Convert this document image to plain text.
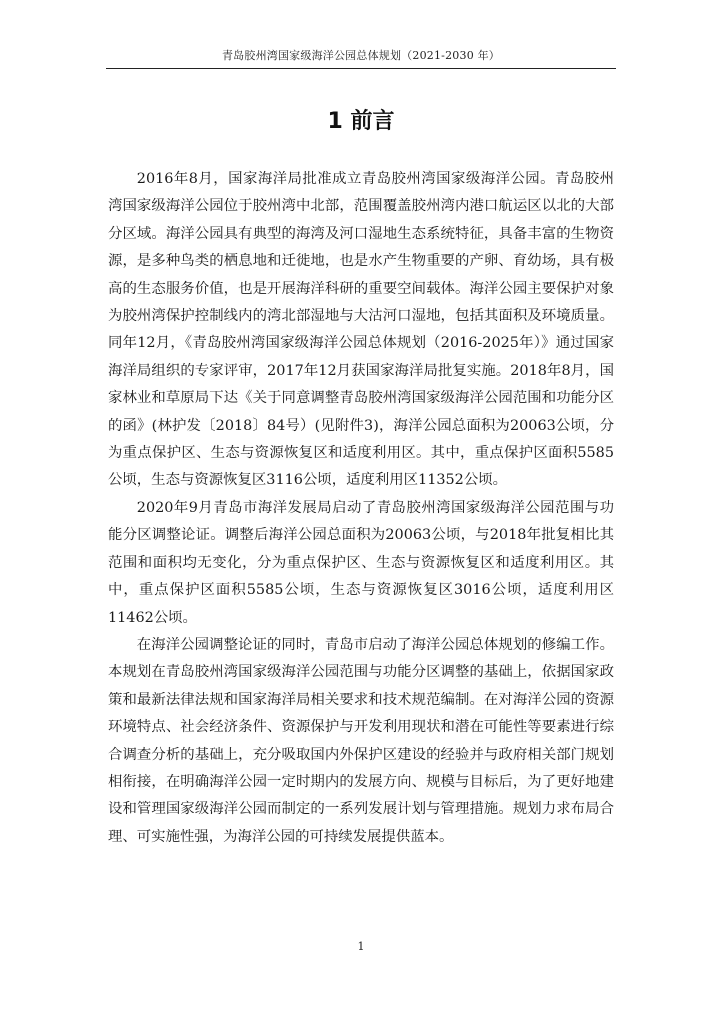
青岛胶州湾国家级海洋公园总体规划（2021-2030 年）
1 前言

2016年8月，国家海洋局批准成立青岛胶州湾国家级海洋公园。青岛胶州湾国家级海洋公园位于胶州湾中北部，范围覆盖胶州湾内港口航运区以北的大部分区域。海洋公园具有典型的海湾及河口湿地生态系统特征，具备丰富的生物资源，是多种鸟类的栖息地和迁徙地，也是水产生物重要的产卵、育幼场，具有极高的生态服务价值，也是开展海洋科研的重要空间载体。海洋公园主要保护对象为胶州湾保护控制线内的湾北部湿地与大沽河口湿地，包括其面积及环境质量。同年12月，《青岛胶州湾国家级海洋公园总体规划（2016-2025年）》通过国家海洋局组织的专家评审，2017年12月获国家海洋局批复实施。2018年8月，国家林业和草原局下达《关于同意调整青岛胶州湾国家级海洋公园范围和功能分区的函》(林护发〔2018〕84号）(见附件3)，海洋公园总面积为20063公顷，分为重点保护区、生态与资源恢复区和适度利用区。其中，重点保护区面积5585公顷，生态与资源恢复区3116公顷，适度利用区11352公顷。

2020年9月青岛市海洋发展局启动了青岛胶州湾国家级海洋公园范围与功能分区调整论证。调整后海洋公园总面积为20063公顷，与2018年批复相比其范围和面积均无变化，分为重点保护区、生态与资源恢复区和适度利用区。其中，重点保护区面积5585公顷，生态与资源恢复区3016公顷，适度利用区11462公顷。

在海洋公园调整论证的同时，青岛市启动了海洋公园总体规划的修编工作。本规划在青岛胶州湾国家级海洋公园范围与功能分区调整的基础上，依据国家政策和最新法律法规和国家海洋局相关要求和技术规范编制。在对海洋公园的资源环境特点、社会经济条件、资源保护与开发利用现状和潜在可能性等要素进行综合调查分析的基础上，充分吸取国内外保护区建设的经验并与政府相关部门规划相衔接，在明确海洋公园一定时期内的发展方向、规模与目标后，为了更好地建设和管理国家级海洋公园而制定的一系列发展计划与管理措施。规划力求布局合理、可实施性强，为海洋公园的可持续发展提供蓝本。

1
